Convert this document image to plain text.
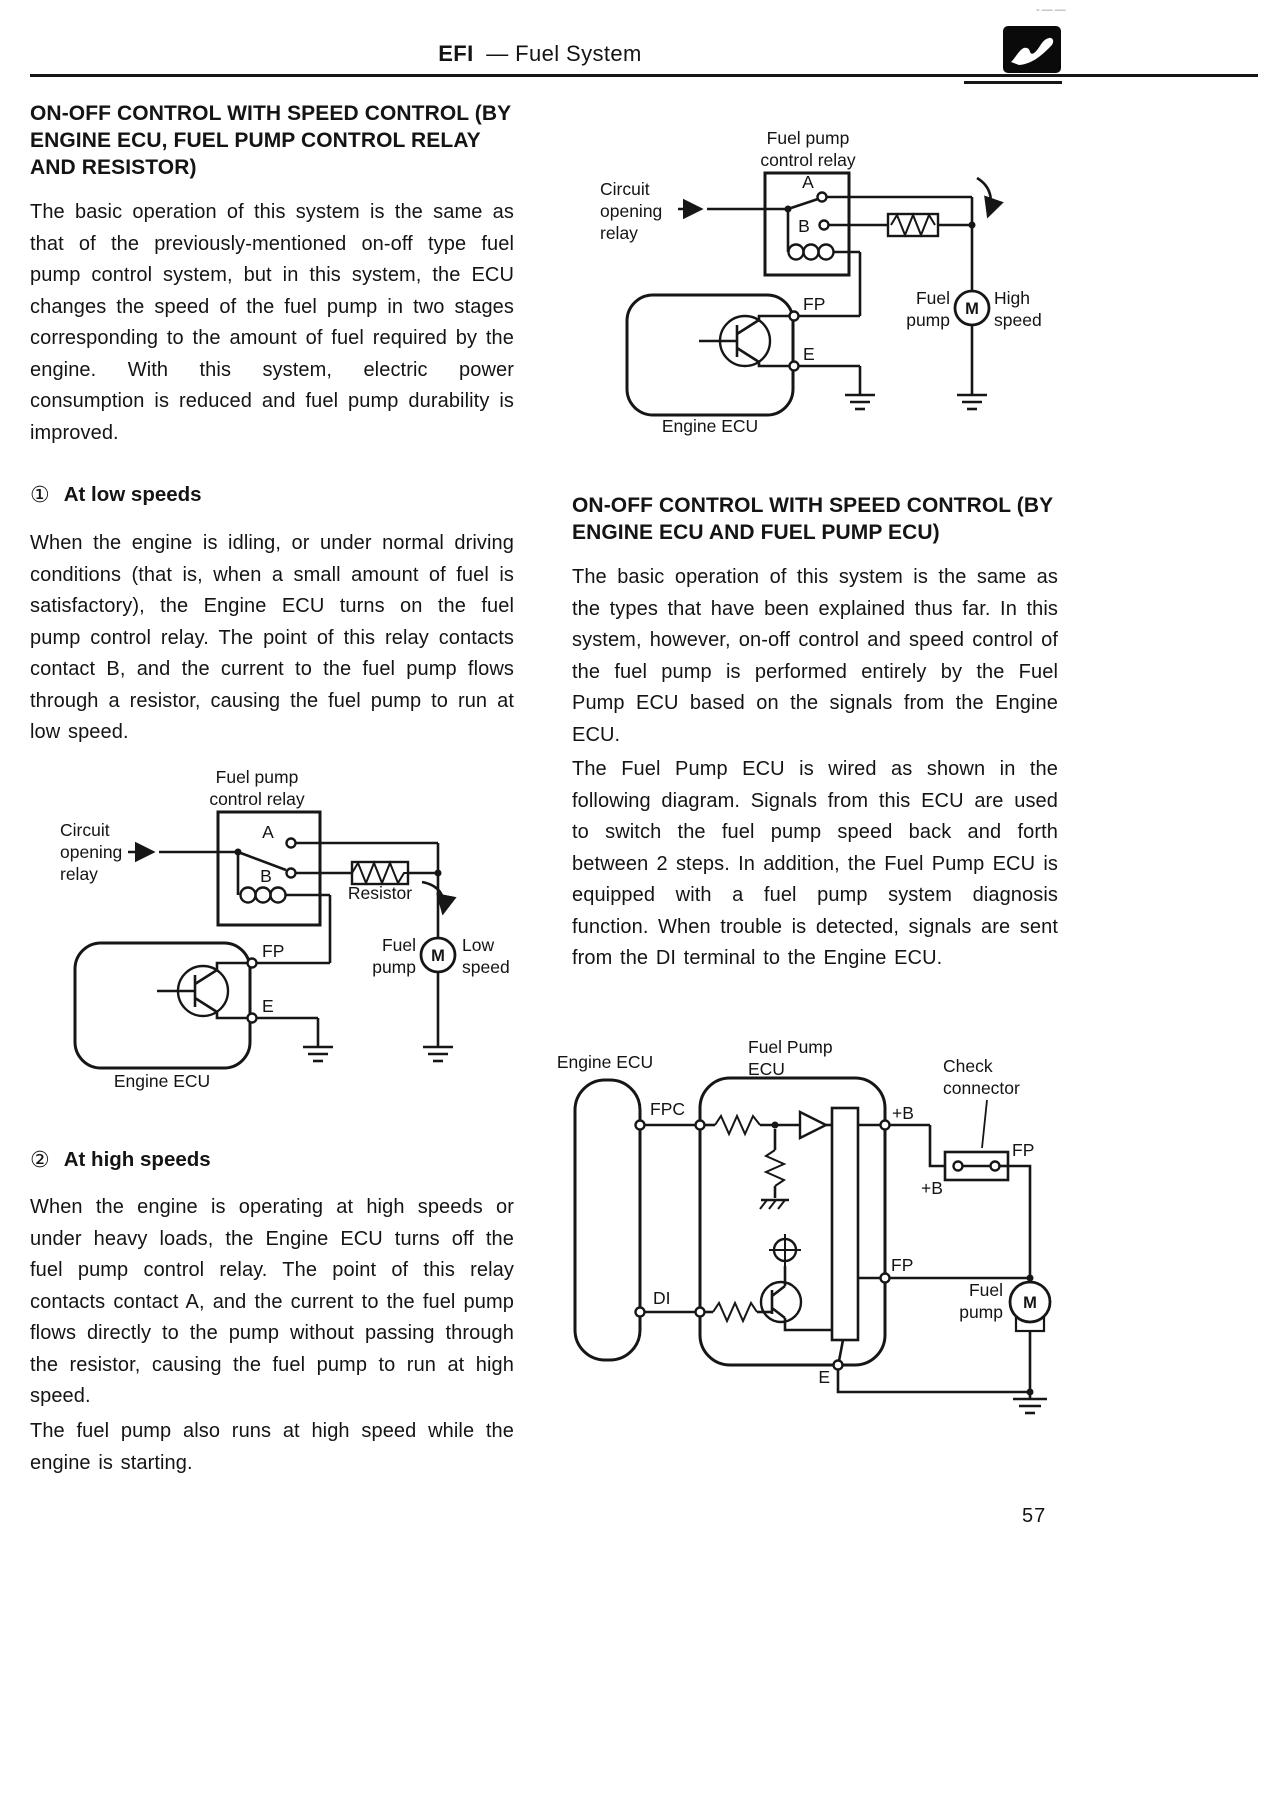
EFI — Fuel System
-——
ON-OFF CONTROL WITH SPEED CONTROL (BY ENGINE ECU, FUEL PUMP CONTROL RELAY AND RESISTOR)

The basic operation of this system is the same as that of the previously-mentioned on-off type fuel pump control system, but in this system, the ECU changes the speed of the fuel pump in two stages corresponding to the amount of fuel required by the engine. With this system, electric power consumption is reduced and fuel pump durability is improved.

① At low speeds

When the engine is idling, or under normal driving conditions (that is, when a small amount of fuel is satisfactory), the Engine ECU turns on the fuel pump control relay. The point of this relay contacts contact B, and the current to the fuel pump flows through a resistor, causing the fuel pump to run at low speed.

Fuel pump
control relay
Circuit
opening
relay
A
B
Resistor
M
Fuel
pump
Low
speed
FP
E
Engine ECU
② At high speeds

When the engine is operating at high speeds or under heavy loads, the Engine ECU turns off the fuel pump control relay. The point of this relay contacts contact A, and the current to the fuel pump flows directly to the pump without passing through the resistor, causing the fuel pump to run at high speed.

The fuel pump also runs at high speed while the engine is starting.

Fuel pump
control relay
Circuit
opening
relay
A
B
M
Fuel
pump
High
speed
FP
E
Engine ECU
ON-OFF CONTROL WITH SPEED CONTROL (BY ENGINE ECU AND FUEL PUMP ECU)

The basic operation of this system is the same as the types that have been explained thus far. In this system, however, on-off control and speed control of the fuel pump is performed entirely by the Fuel Pump ECU based on the signals from the Engine ECU.

The Fuel Pump ECU is wired as shown in the following diagram. Signals from this ECU are used to switch the fuel pump speed back and forth between 2 steps. In addition, the Fuel Pump ECU is equipped with a fuel pump system diagnosis function. When trouble is detected, signals are sent from the DI terminal to the Engine ECU.

Engine ECU
Fuel Pump
ECU	Check
connector
FPC
DI
+B
FP
+B
FP
M
Fuel
pump
E
57
